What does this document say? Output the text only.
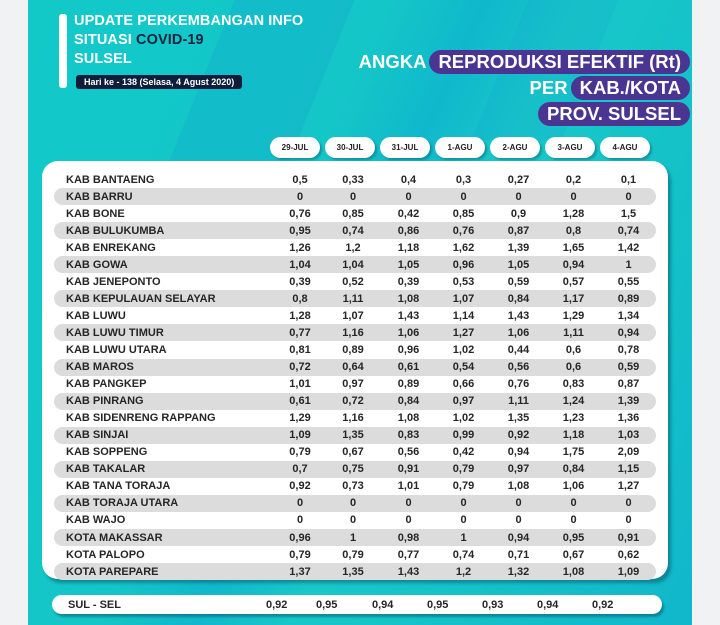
UPDATE PERKEMBANGAN INFO
SITUASI COVID-19
SULSEL
Hari ke - 138 (Selasa, 4 Agust 2020)
ANGKA REPRODUKSI EFEKTIF (Rt)
PER KAB./KOTA
PROV. SULSEL
29-JUL	30-JUL	31-JUL	1-AGU	2-AGU	3-AGU	4-AGU
KAB BANTAENG	0,5	0,33	0,4	0,3	0,27	0,2	0,1
KAB BARRU	0	0	0	0	0	0	0
KAB BONE	0,76	0,85	0,42	0,85	0,9	1,28	1,5
KAB BULUKUMBA	0,95	0,74	0,86	0,76	0,87	0,8	0,74
KAB ENREKANG	1,26	1,2	1,18	1,62	1,39	1,65	1,42
KAB GOWA	1,04	1,04	1,05	0,96	1,05	0,94	1
KAB JENEPONTO	0,39	0,52	0,39	0,53	0,59	0,57	0,55
KAB KEPULAUAN SELAYAR	0,8	1,11	1,08	1,07	0,84	1,17	0,89
KAB LUWU	1,28	1,07	1,43	1,14	1,43	1,29	1,34
KAB LUWU TIMUR	0,77	1,16	1,06	1,27	1,06	1,11	0,94
KAB LUWU UTARA	0,81	0,89	0,96	1,02	0,44	0,6	0,78
KAB MAROS	0,72	0,64	0,61	0,54	0,56	0,6	0,59
KAB PANGKEP	1,01	0,97	0,89	0,66	0,76	0,83	0,87
KAB PINRANG	0,61	0,72	0,84	0,97	1,11	1,24	1,39
KAB SIDENRENG RAPPANG	1,29	1,16	1,08	1,02	1,35	1,23	1,36
KAB SINJAI	1,09	1,35	0,83	0,99	0,92	1,18	1,03
KAB SOPPENG	0,79	0,67	0,56	0,42	0,94	1,75	2,09
KAB TAKALAR	0,7	0,75	0,91	0,79	0,97	0,84	1,15
KAB TANA TORAJA	0,92	0,73	1,01	0,79	1,08	1,06	1,27
KAB TORAJA UTARA	0	0	0	0	0	0	0
KAB WAJO	0	0	0	0	0	0	0
KOTA MAKASSAR	0,96	1	0,98	1	0,94	0,95	0,91
KOTA PALOPO	0,79	0,79	0,77	0,74	0,71	0,67	0,62
KOTA PAREPARE	1,37	1,35	1,43	1,2	1,32	1,08	1,09
SUL - SEL	0,92	0,95	0,94	0,95	0,93	0,94	0,92
